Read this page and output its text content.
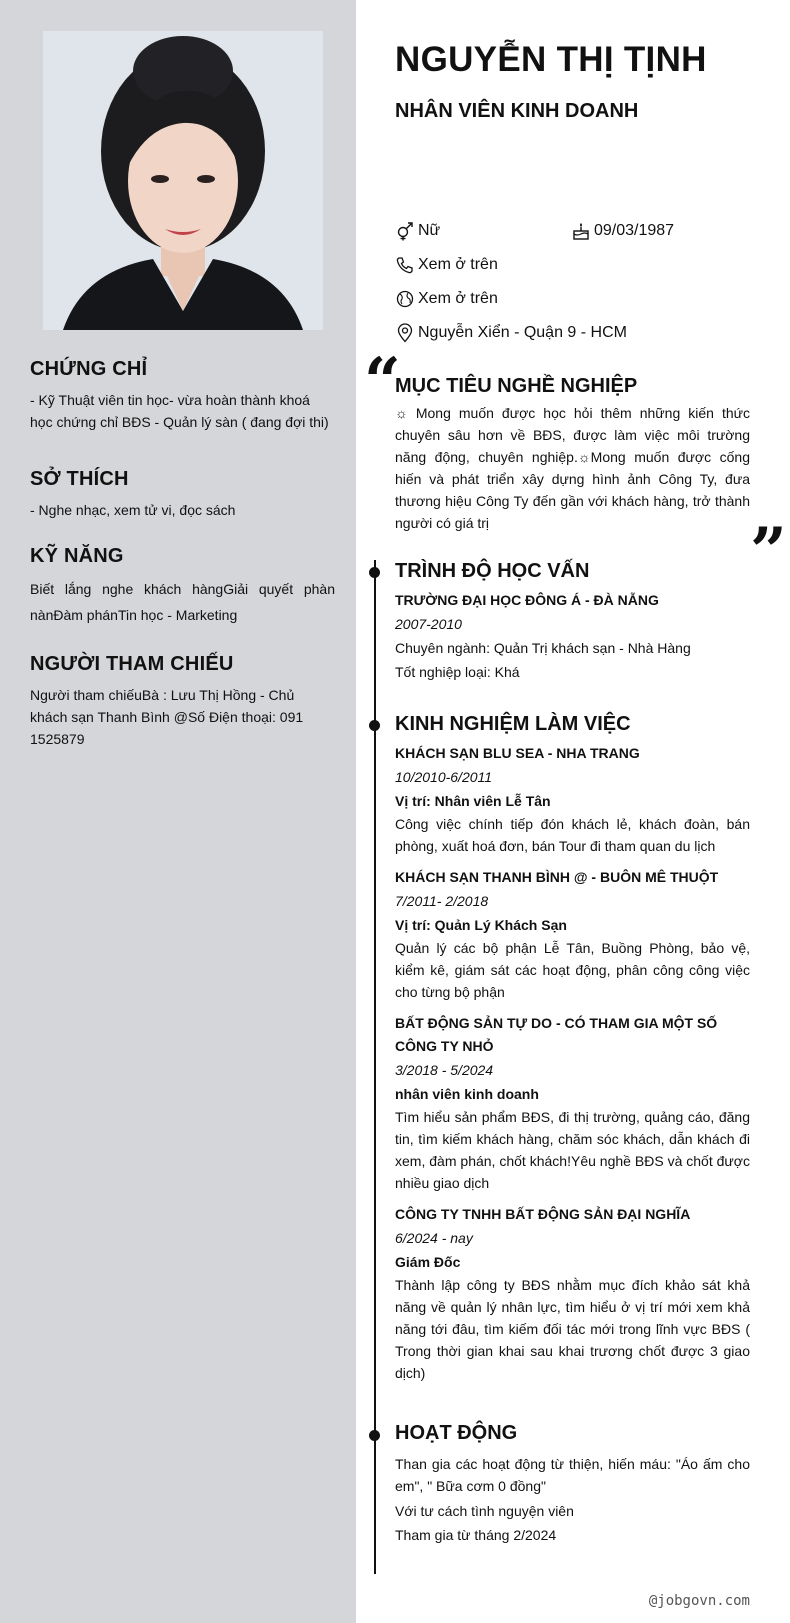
CHỨNG CHỈ
- Kỹ Thuật viên tin học- vừa hoàn thành khoá học chứng chỉ BĐS - Quản lý sàn ( đang đợi thi)
SỞ THÍCH
- Nghe nhạc, xem tử vi, đọc sách
KỸ NĂNG
Biết lắng nghe khách hàngGiải quyết phàn nànĐàm phánTin học - Marketing
NGƯỜI THAM CHIẾU
Người tham chiếuBà : Lưu Thị Hồng - Chủ khách sạn Thanh Bình @Số Điện thoại: 091 1525879
NGUYỄN THỊ TỊNH
NHÂN VIÊN KINH DOANH
Nữ	09/03/1987
Xem ở trên
Xem ở trên
Nguyễn Xiển - Quận 9 - HCM
“
”
MỤC TIÊU NGHỀ NGHIỆP
☼ Mong muốn được học hỏi thêm những kiến thức chuyên sâu hơn về BĐS, được làm việc môi trường năng động, chuyên nghiệp.☼Mong muốn được cống hiến và phát triển xây dựng hình ảnh Công Ty, đưa thương hiệu Công Ty đến gần với khách hàng, trở thành người có giá trị
TRÌNH ĐỘ HỌC VẤN
TRƯỜNG ĐẠI HỌC ĐÔNG Á - ĐÀ NẴNG
2007-2010
Chuyên ngành: Quản Trị khách sạn - Nhà Hàng
Tốt nghiệp loại: Khá
KINH NGHIỆM LÀM VIỆC
KHÁCH SẠN BLU SEA - NHA TRANG
10/2010-6/2011
Vị trí: Nhân viên Lễ Tân
Công việc chính tiếp đón khách lẻ, khách đoàn, bán phòng, xuất hoá đơn, bán Tour đi tham quan du lịch
KHÁCH SẠN THANH BÌNH @ - BUÔN MÊ THUỘT
7/2011- 2/2018
Vị trí: Quản Lý Khách Sạn
Quản lý các bộ phận Lễ Tân, Buồng Phòng, bảo vệ, kiểm kê, giám sát các hoạt động, phân công công việc cho từng bộ phận
BẤT ĐỘNG SẢN TỰ DO - CÓ THAM GIA MỘT SỐ CÔNG TY NHỎ
3/2018 - 5/2024
nhân viên kinh doanh
Tìm hiểu sản phẩm BĐS, đi thị trường, quảng cáo, đăng tin, tìm kiếm khách hàng, chăm sóc khách, dẫn khách đi xem, đàm phán, chốt khách!Yêu nghề BĐS và chốt được nhiều giao dịch
CÔNG TY TNHH BẤT ĐỘNG SẢN ĐẠI NGHĨA
6/2024 - nay
Giám Đốc
Thành lập công ty BĐS nhằm mục đích khảo sát khả năng về quản lý nhân lực, tìm hiểu ở vị trí mới xem khả năng tới đâu, tìm kiếm đối tác mới trong lĩnh vực BĐS ( Trong thời gian khai sau khai trương chốt được 3 giao dịch)
HOẠT ĐỘNG
Than gia các hoạt động từ thiện, hiến máu: "Áo ấm cho em", " Bữa cơm 0 đồng"
Với tư cách tình nguyện viên
Tham gia từ tháng 2/2024
@jobgovn.com
